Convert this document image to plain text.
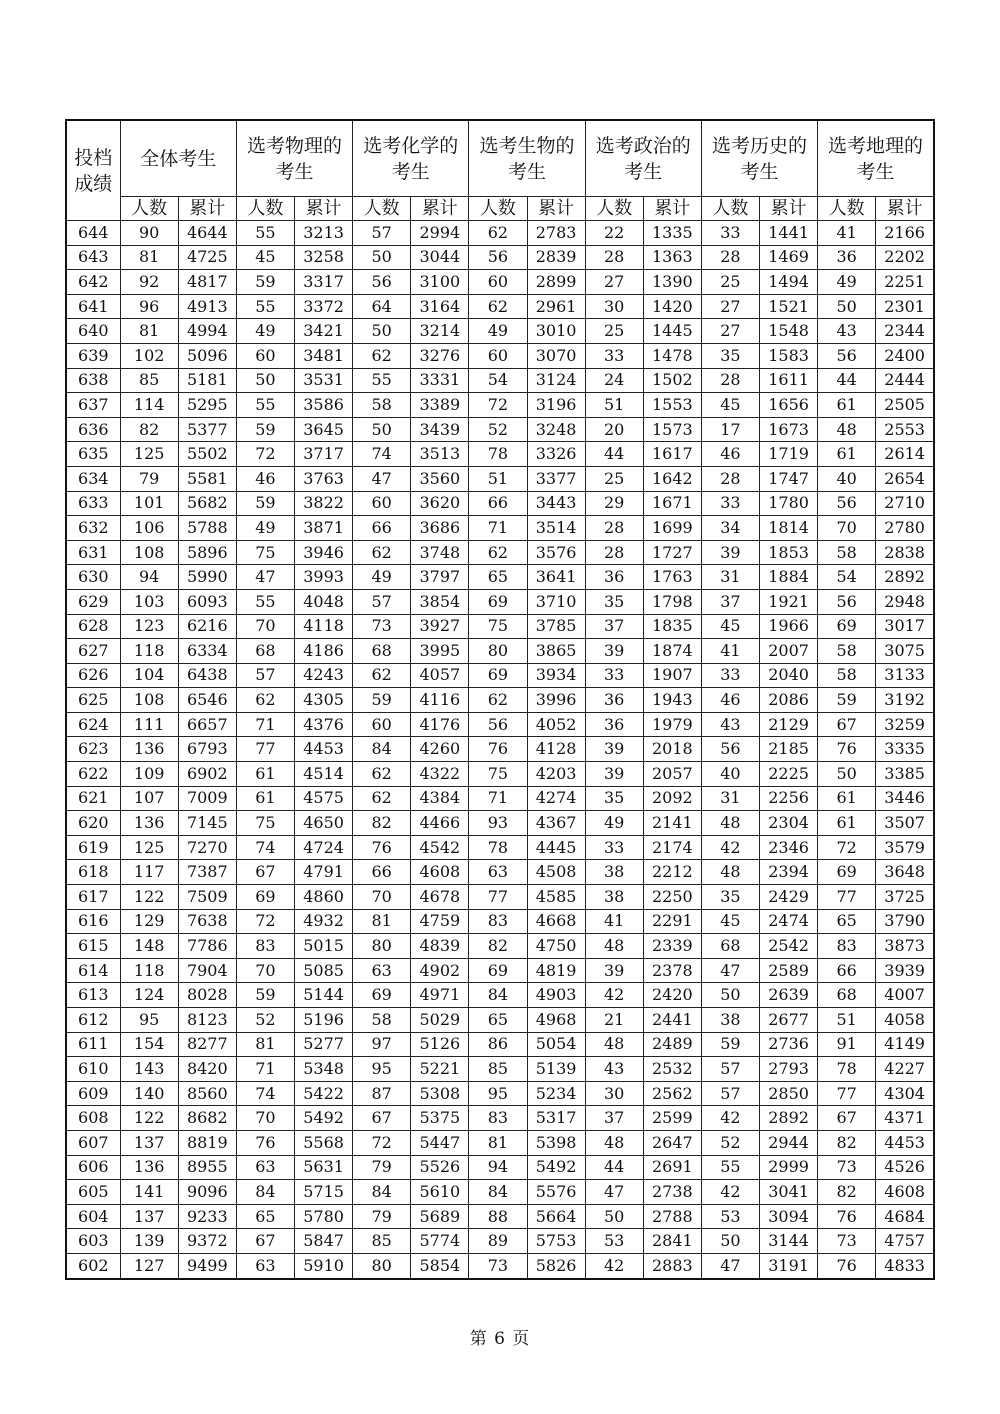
投档成绩	全体考生		选考物理的考生		选考化学的考生		选考生物的考生		选考政治的考生		选考历史的考生		选考地理的考生	
	人数	累计	人数	累计	人数	累计	人数	累计	人数	累计	人数	累计	人数	累计
644	90	4644	55	3213	57	2994	62	2783	22	1335	33	1441	41	2166
643	81	4725	45	3258	50	3044	56	2839	28	1363	28	1469	36	2202
642	92	4817	59	3317	56	3100	60	2899	27	1390	25	1494	49	2251
641	96	4913	55	3372	64	3164	62	2961	30	1420	27	1521	50	2301
640	81	4994	49	3421	50	3214	49	3010	25	1445	27	1548	43	2344
639	102	5096	60	3481	62	3276	60	3070	33	1478	35	1583	56	2400
638	85	5181	50	3531	55	3331	54	3124	24	1502	28	1611	44	2444
637	114	5295	55	3586	58	3389	72	3196	51	1553	45	1656	61	2505
636	82	5377	59	3645	50	3439	52	3248	20	1573	17	1673	48	2553
635	125	5502	72	3717	74	3513	78	3326	44	1617	46	1719	61	2614
634	79	5581	46	3763	47	3560	51	3377	25	1642	28	1747	40	2654
633	101	5682	59	3822	60	3620	66	3443	29	1671	33	1780	56	2710
632	106	5788	49	3871	66	3686	71	3514	28	1699	34	1814	70	2780
631	108	5896	75	3946	62	3748	62	3576	28	1727	39	1853	58	2838
630	94	5990	47	3993	49	3797	65	3641	36	1763	31	1884	54	2892
629	103	6093	55	4048	57	3854	69	3710	35	1798	37	1921	56	2948
628	123	6216	70	4118	73	3927	75	3785	37	1835	45	1966	69	3017
627	118	6334	68	4186	68	3995	80	3865	39	1874	41	2007	58	3075
626	104	6438	57	4243	62	4057	69	3934	33	1907	33	2040	58	3133
625	108	6546	62	4305	59	4116	62	3996	36	1943	46	2086	59	3192
624	111	6657	71	4376	60	4176	56	4052	36	1979	43	2129	67	3259
623	136	6793	77	4453	84	4260	76	4128	39	2018	56	2185	76	3335
622	109	6902	61	4514	62	4322	75	4203	39	2057	40	2225	50	3385
621	107	7009	61	4575	62	4384	71	4274	35	2092	31	2256	61	3446
620	136	7145	75	4650	82	4466	93	4367	49	2141	48	2304	61	3507
619	125	7270	74	4724	76	4542	78	4445	33	2174	42	2346	72	3579
618	117	7387	67	4791	66	4608	63	4508	38	2212	48	2394	69	3648
617	122	7509	69	4860	70	4678	77	4585	38	2250	35	2429	77	3725
616	129	7638	72	4932	81	4759	83	4668	41	2291	45	2474	65	3790
615	148	7786	83	5015	80	4839	82	4750	48	2339	68	2542	83	3873
614	118	7904	70	5085	63	4902	69	4819	39	2378	47	2589	66	3939
613	124	8028	59	5144	69	4971	84	4903	42	2420	50	2639	68	4007
612	95	8123	52	5196	58	5029	65	4968	21	2441	38	2677	51	4058
611	154	8277	81	5277	97	5126	86	5054	48	2489	59	2736	91	4149
610	143	8420	71	5348	95	5221	85	5139	43	2532	57	2793	78	4227
609	140	8560	74	5422	87	5308	95	5234	30	2562	57	2850	77	4304
608	122	8682	70	5492	67	5375	83	5317	37	2599	42	2892	67	4371
607	137	8819	76	5568	72	5447	81	5398	48	2647	52	2944	82	4453
606	136	8955	63	5631	79	5526	94	5492	44	2691	55	2999	73	4526
605	141	9096	84	5715	84	5610	84	5576	47	2738	42	3041	82	4608
604	137	9233	65	5780	79	5689	88	5664	50	2788	53	3094	76	4684
603	139	9372	67	5847	85	5774	89	5753	53	2841	50	3144	73	4757
602	127	9499	63	5910	80	5854	73	5826	42	2883	47	3191	76	4833
第 6 页
